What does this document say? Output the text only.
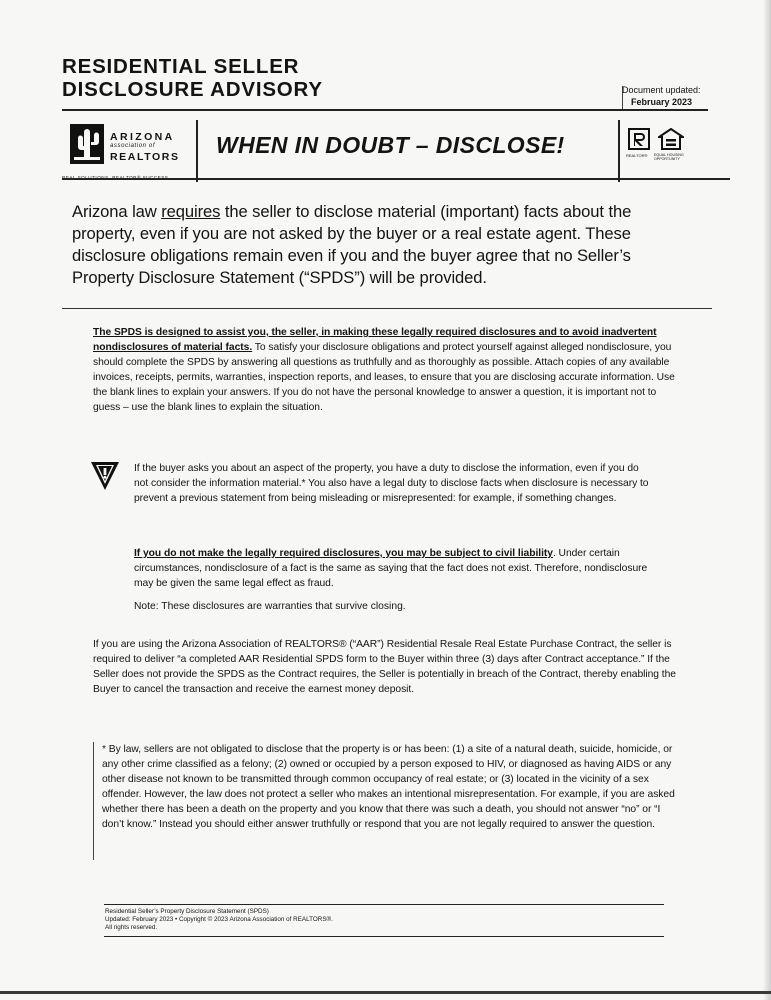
RESIDENTIAL SELLER
DISCLOSURE ADVISORY	Document updated:
February 2023
ARIZONA
association of
REALTORS WHEN IN DOUBT – DISCLOSE!	REALTOR® EQUAL HOUSING OPPORTUNITY

Arizona law requires the seller to disclose material (important) facts about the property, even if you are not asked by the buyer or a real estate agent. These disclosure obligations remain even if you and the buyer agree that no Seller’s Property Disclosure Statement (“SPDS”) will be provided.

The SPDS is designed to assist you, the seller, in making these legally required disclosures and to avoid inadvertent nondisclosures of material facts. To satisfy your disclosure obligations and protect yourself against alleged nondisclosure, you should complete the SPDS by answering all questions as truthfully and as thoroughly as possible. Attach copies of any available invoices, receipts, permits, warranties, inspection reports, and leases, to ensure that you are disclosing accurate information. Use the blank lines to explain your answers. If you do not have the personal knowledge to answer a question, it is important not to guess – use the blank lines to explain the situation.

If the buyer asks you about an aspect of the property, you have a duty to disclose the information, even if you do not consider the information material.* You also have a legal duty to disclose facts when disclosure is necessary to prevent a previous statement from being misleading or misrepresented: for example, if something changes.

If you do not make the legally required disclosures, you may be subject to civil liability. Under certain circumstances, nondisclosure of a fact is the same as saying that the fact does not exist. Therefore, nondisclosure may be given the same legal effect as fraud.

Note: These disclosures are warranties that survive closing.

If you are using the Arizona Association of REALTORS® (“AAR”) Residential Resale Real Estate Purchase Contract, the seller is required to deliver “a completed AAR Residential SPDS form to the Buyer within three (3) days after Contract acceptance.” If the Seller does not provide the SPDS as the Contract requires, the Seller is potentially in breach of the Contract, thereby enabling the Buyer to cancel the transaction and receive the earnest money deposit.

* By law, sellers are not obligated to disclose that the property is or has been: (1) a site of a natural death, suicide, homicide, or any other crime classified as a felony; (2) owned or occupied by a person exposed to HIV, or diagnosed as having AIDS or any other disease not known to be transmitted through common occupancy of real estate; or (3) located in the vicinity of a sex offender. However, the law does not protect a seller who makes an intentional misrepresentation. For example, if you are asked whether there has been a death on the property and you know that there was such a death, you should not answer “no” or “I don’t know.” Instead you should either answer truthfully or respond that you are not legally required to answer the question.

Residential Seller’s Property Disclosure Statement (SPDS)
Updated: February 2023 • Copyright © 2023 Arizona Association of REALTORS®.
All rights reserved.
